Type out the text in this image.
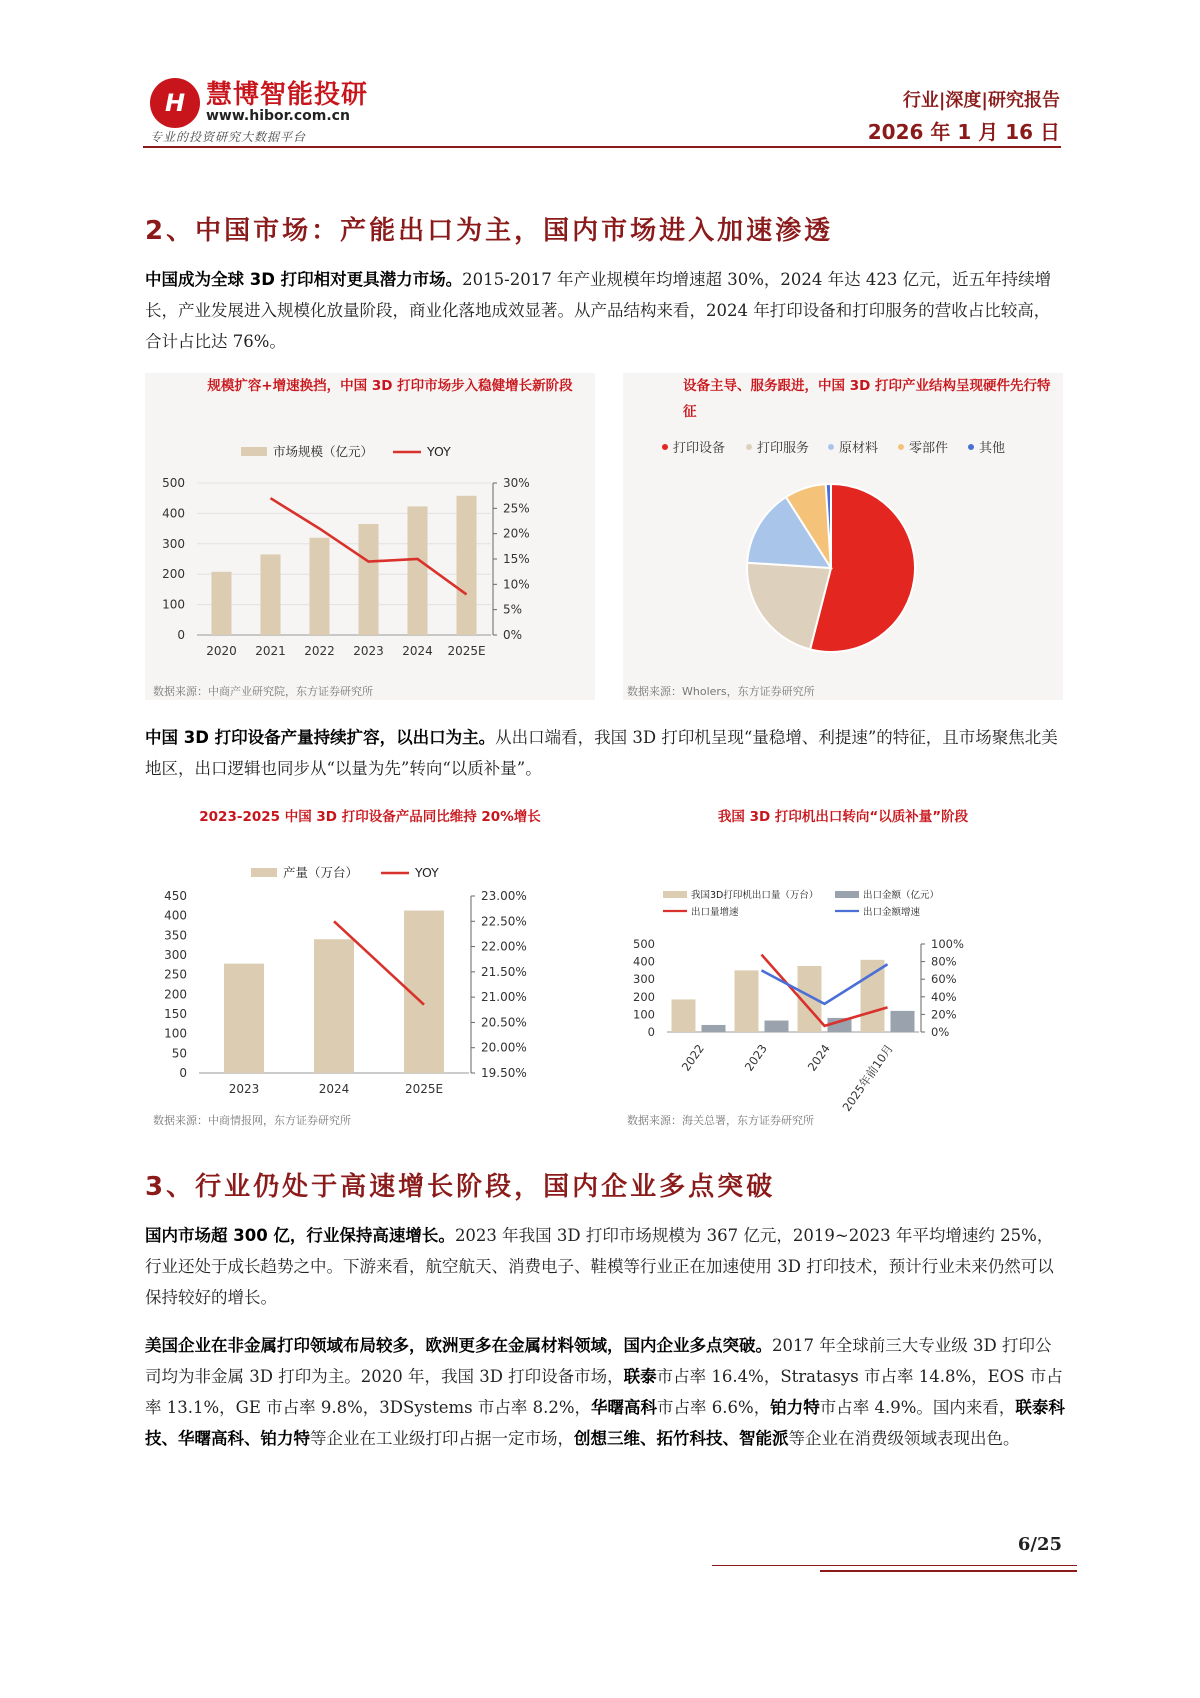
H 慧博智能投研
www.hibor.com.cn
专业的投资研究大数据平台
行业|深度|研究报告
2026 年 1 月 16 日
2、中国市场：产能出口为主，国内市场进入加速渗透
中国成为全球 3D 打印相对更具潜力市场。2015-2017 年产业规模年均增速超 30%，2024 年达 423 亿元，近五年持续增长，产业发展进入规模化放量阶段，商业化落地成效显著。从产品结构来看，2024 年打印设备和打印服务的营收占比较高，合计占比达 76%。
规模扩容+增速换挡，中国 3D 打印市场步入稳健增长新阶段
0
100
200
300
400
500
0%
5%
10%
15%
20%
25%
30%
2020 2021 2022 2023 2024 2025E
市场规模（亿元）	YOY
数据来源：中商产业研究院，东方证券研究所
设备主导、服务跟进，中国 3D 打印产业结构呈现硬件先行特征
打印设备 打印服务 原材料 零部件 其他
数据来源：Wholers，东方证券研究所
中国 3D 打印设备产量持续扩容，以出口为主。从出口端看，我国 3D 打印机呈现“量稳增、利提速”的特征，且市场聚焦北美地区，出口逻辑也同步从“以量为先”转向“以质补量”。
2023-2025 中国 3D 打印设备产品同比维持 20%增长
0
50
100
150
200
250
300
350
400
450
19.50%
20.00%
20.50%
21.00%
21.50%
22.00%
22.50%
23.00%
2023	2024	2025E
产量（万台）	YOY
数据来源：中商情报网，东方证券研究所
我国 3D 打印机出口转向“以质补量”阶段
0
100
200
300
400
500
0%
20%
40%
60%
80%
100%
2022	2023	2024 2025年前10月
我国3D打印机出口量（万台）	出口金额（亿元）
出口量增速	出口金额增速
数据来源：海关总署，东方证券研究所
3、行业仍处于高速增长阶段，国内企业多点突破
国内市场超 300 亿，行业保持高速增长。2023 年我国 3D 打印市场规模为 367 亿元，2019~2023 年平均增速约 25%，行业还处于成长趋势之中。下游来看，航空航天、消费电子、鞋模等行业正在加速使用 3D 打印技术，预计行业未来仍然可以保持较好的增长。
美国企业在非金属打印领域布局较多，欧洲更多在金属材料领域，国内企业多点突破。2017 年全球前三大专业级 3D 打印公司均为非金属 3D 打印为主。2020 年，我国 3D 打印设备市场，联泰市占率 16.4%，Stratasys 市占率 14.8%，EOS 市占率 13.1%，GE 市占率 9.8%，3DSystems 市占率 8.2%，华曙高科市占率 6.6%，铂力特市占率 4.9%。国内来看，联泰科技、华曙高科、铂力特等企业在工业级打印占据一定市场，创想三维、拓竹科技、智能派等企业在消费级领域表现出色。
6/25
